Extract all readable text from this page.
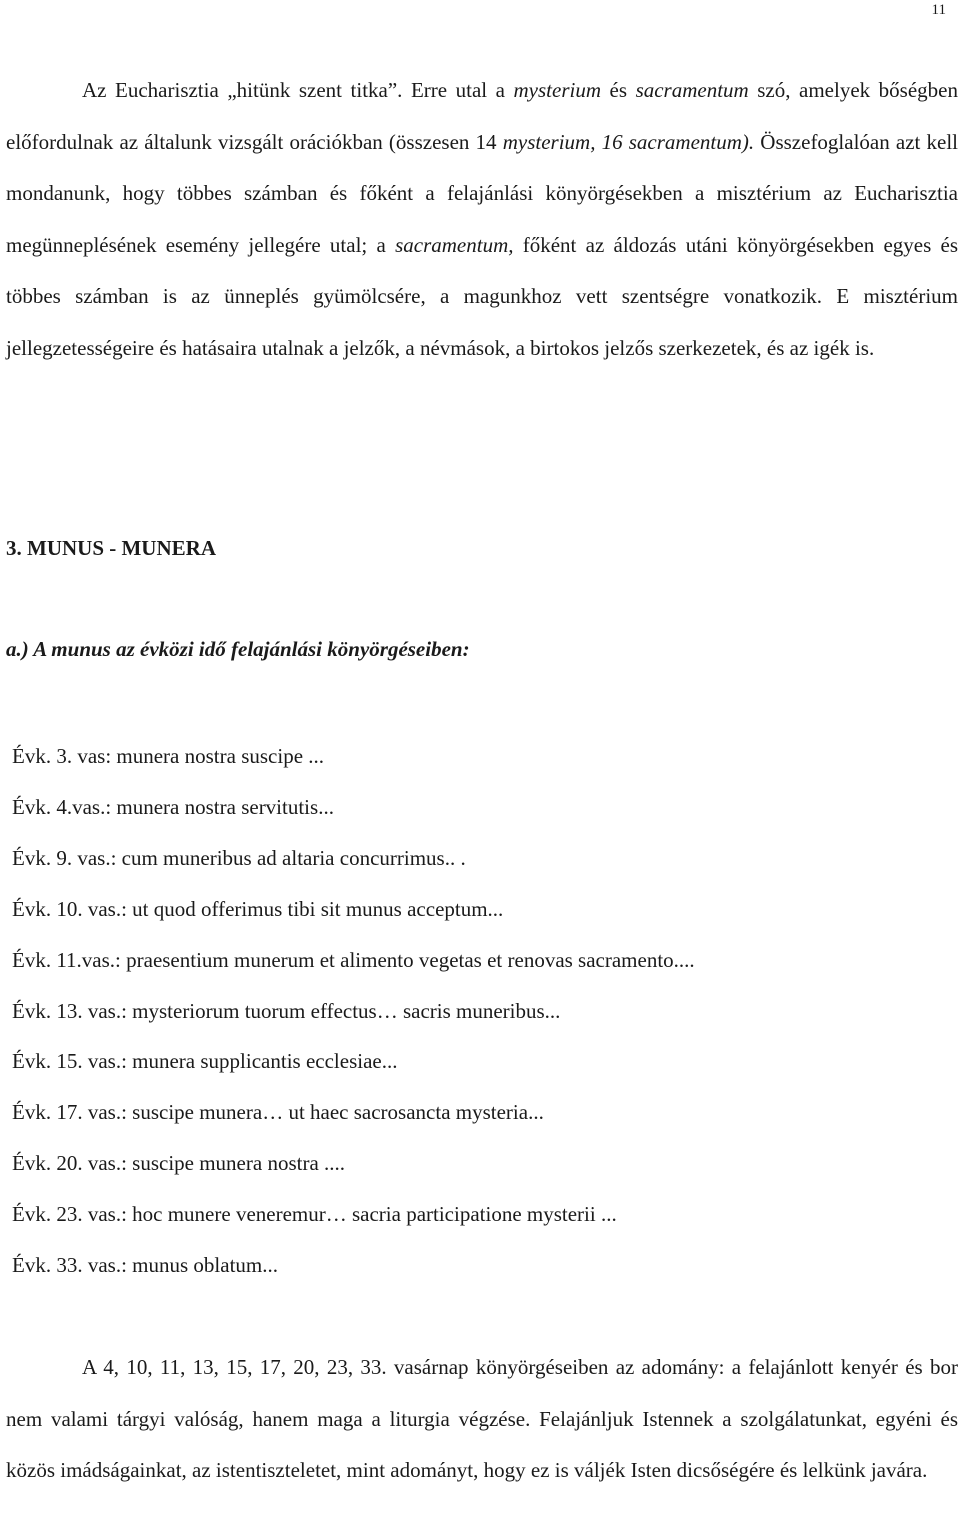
11

Az Eucharisztia „hitünk szent titka”. Erre utal a mysterium és sacramentum szó, amelyek bőségben előfordulnak az általunk vizsgált orációkban (összesen 14 mysterium, 16 sacramentum). Összefoglalóan azt kell mondanunk, hogy többes számban és főként a felajánlási könyörgésekben a misztérium az Eucharisztia megünneplésének esemény jellegére utal; a sacramentum, főként az áldozás utáni könyörgésekben egyes és többes számban is az ünneplés gyümölcsére, a magunkhoz vett szentségre vonatkozik. E misztérium jellegzetességeire és hatásaira utalnak a jelzők, a névmások, a birtokos jelzős szerkezetek, és az igék is.

3. MUNUS - MUNERA
a.) A munus az évközi idő felajánlási könyörgéseiben:
Évk. 3. vas: munera nostra suscipe ...
Évk. 4.vas.: munera nostra servitutis...
Évk. 9. vas.: cum muneribus ad altaria concurrimus.. .
Évk. 10. vas.: ut quod offerimus tibi sit munus acceptum...
Évk. 11.vas.: praesentium munerum et alimento vegetas et renovas sacramento....
Évk. 13. vas.: mysteriorum tuorum effectus… sacris muneribus...
Évk. 15. vas.: munera supplicantis ecclesiae...
Évk. 17. vas.: suscipe munera… ut haec sacrosancta mysteria...
Évk. 20. vas.: suscipe munera nostra ....
Évk. 23. vas.: hoc munere veneremur… sacria participatione mysterii ...
Évk. 33. vas.: munus oblatum...

A 4, 10, 11, 13, 15, 17, 20, 23, 33. vasárnap könyörgéseiben az adomány: a felajánlott kenyér és bor nem valami tárgyi valóság, hanem maga a liturgia végzése. Felajánljuk Istennek a szolgálatunkat, egyéni és közös imádságainkat, az istentiszteletet, mint adományt, hogy ez is váljék Isten dicsőségére és lelkünk javára.
